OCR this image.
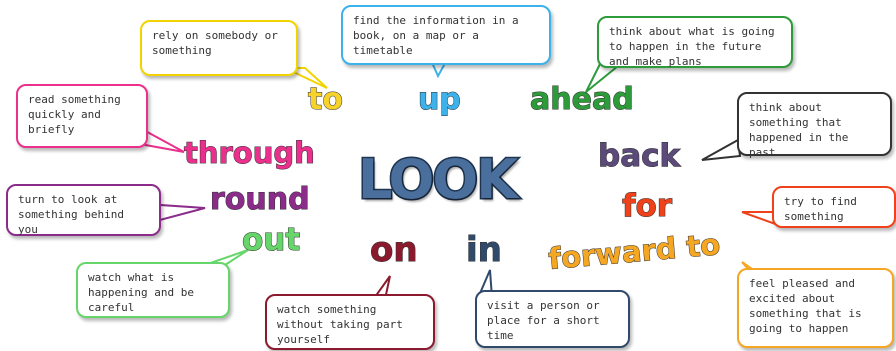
rely on somebody or something
find the information in a book, on a map or a timetable
think about what is going to happen in the future and make plans
think about something that happened in the past
try to find something
feel pleased and excited about something that is going to happen
visit a person or place for a short time
watch something without taking part yourself
watch what is happening and be careful
turn to look at something behind you
read something quickly and briefly
LOOK
to	up ahead
back
for
forward to
in
on
out
round
through
